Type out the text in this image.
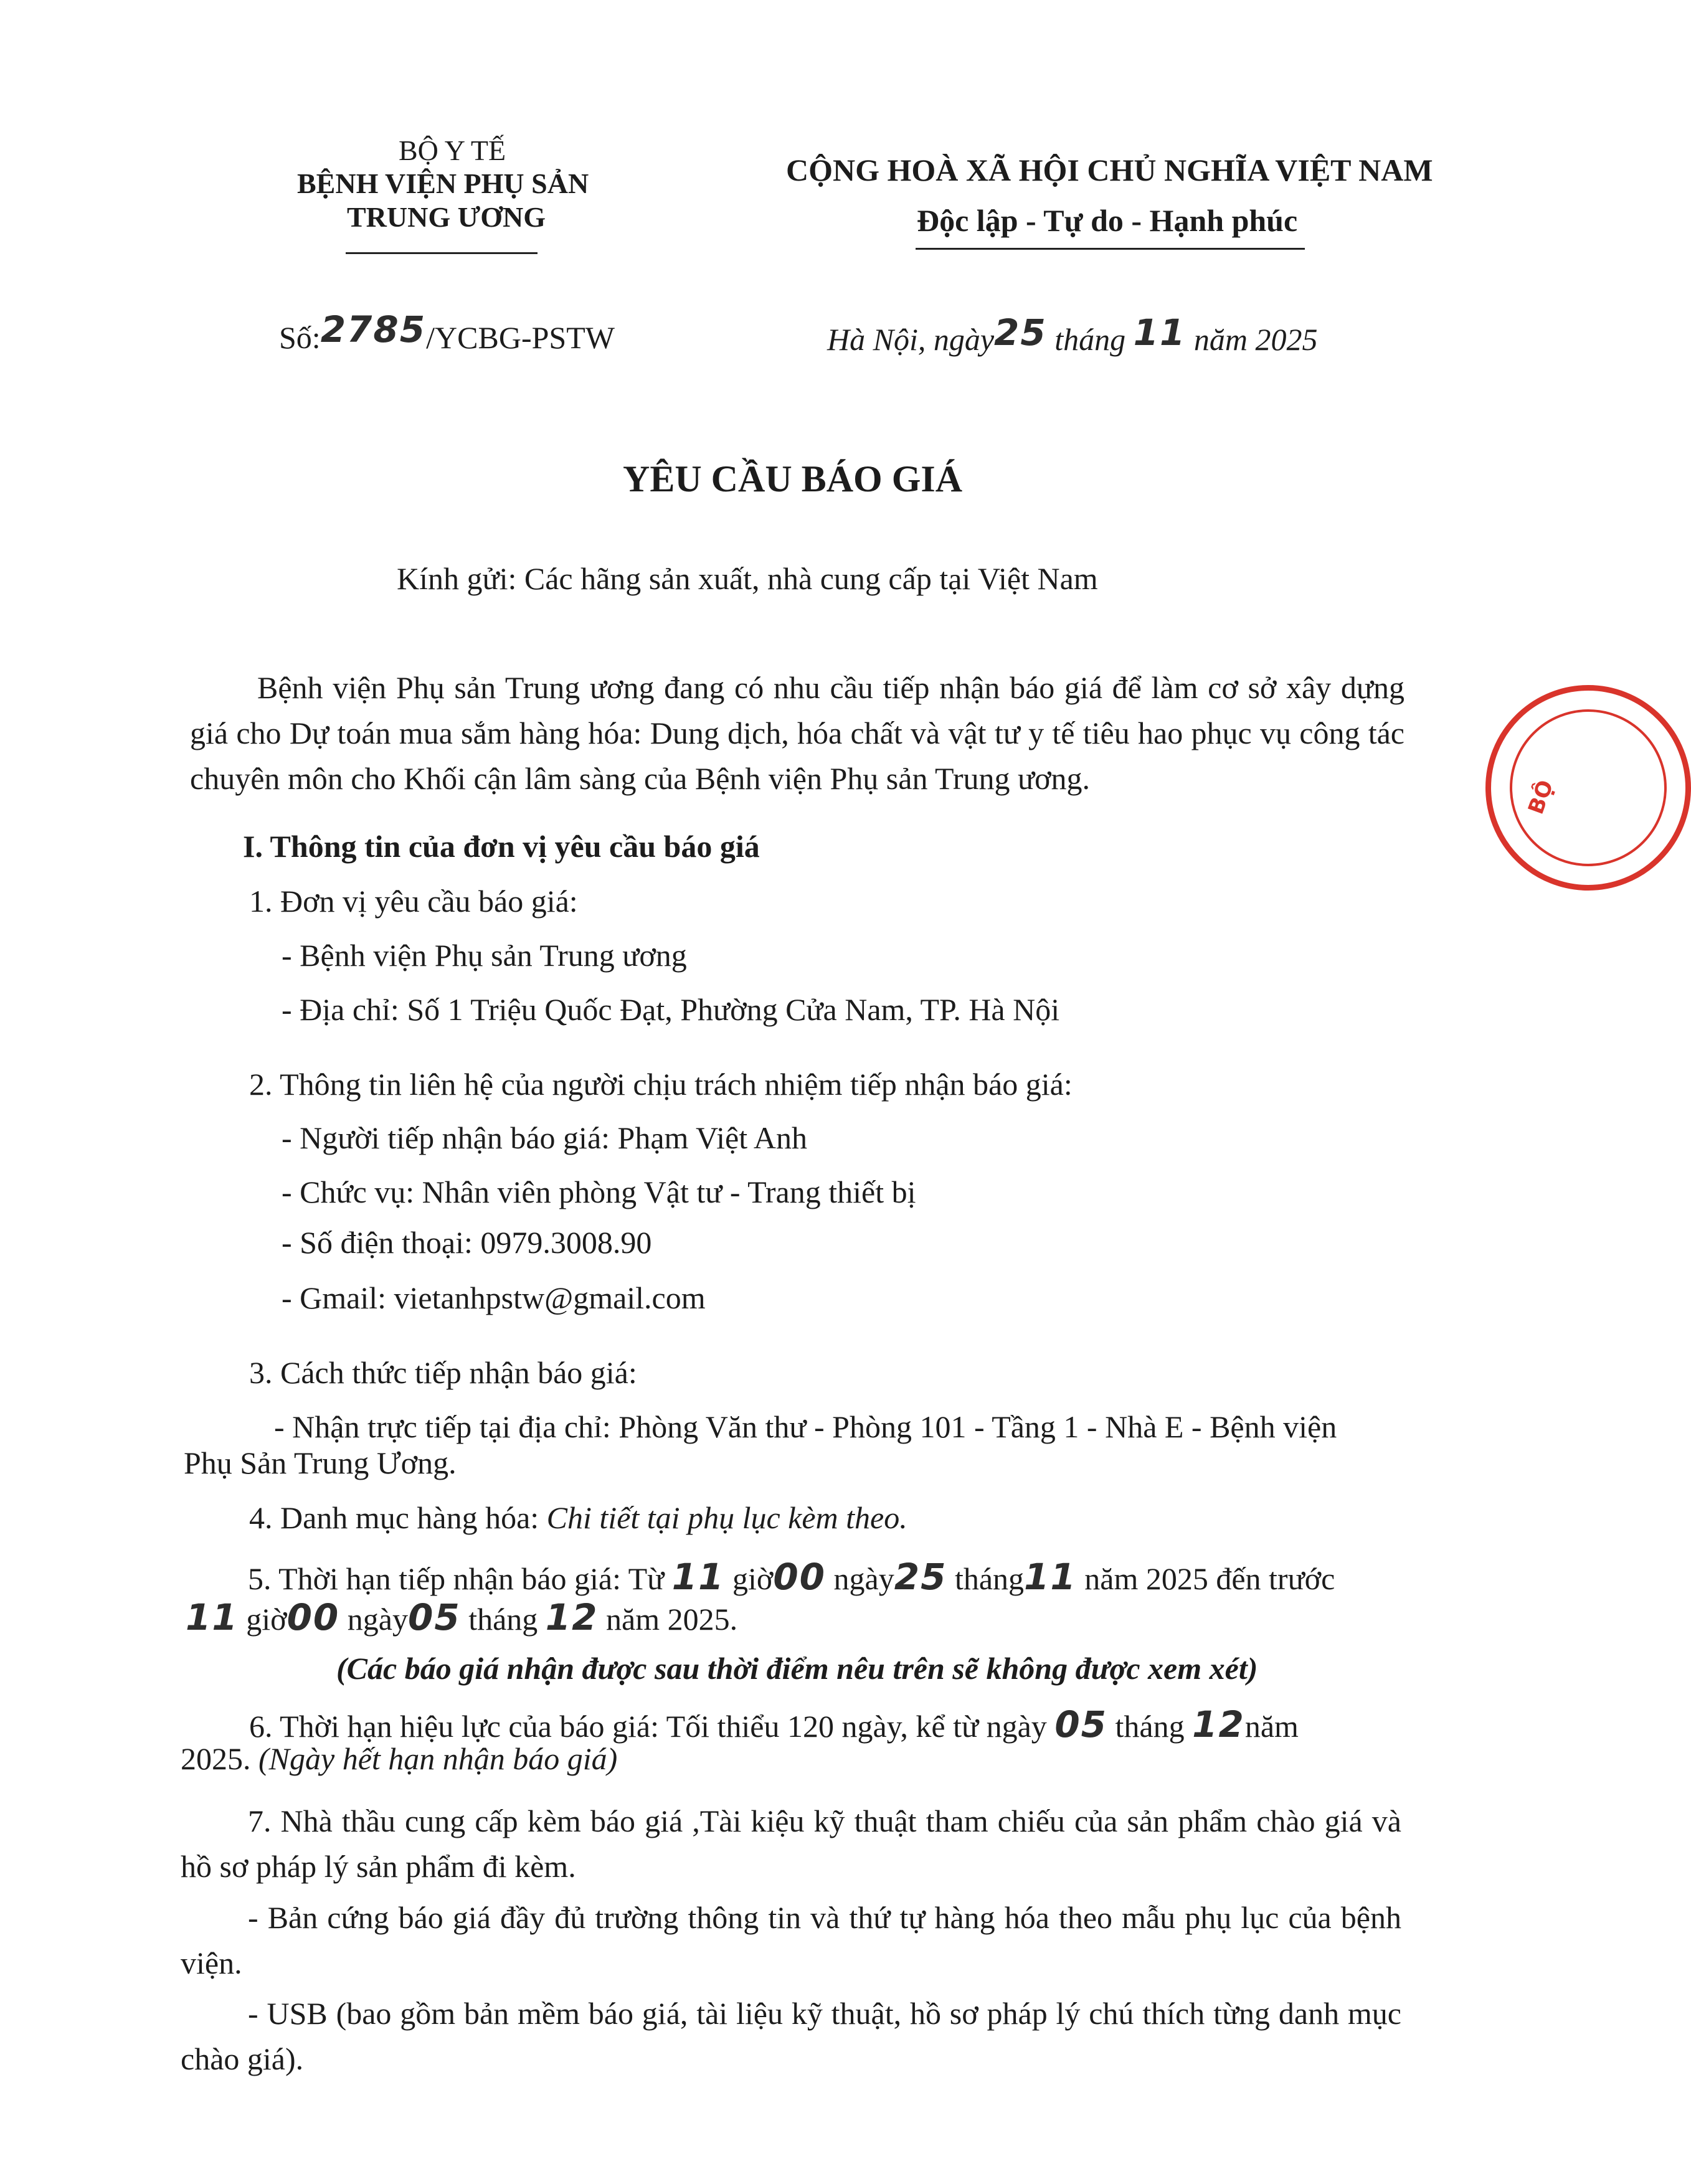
BỘ Y TẾ
BỆNH VIỆN PHỤ SẢN
TRUNG ƯƠNG
CỘNG HOÀ XÃ HỘI CHỦ NGHĨA VIỆT NAM
Độc lập - Tự do - Hạnh phúc
Số:2785/YCBG-PSTW	Hà Nội, ngày25 tháng 11 năm 2025
YÊU CẦU BÁO GIÁ
Kính gửi: Các hãng sản xuất, nhà cung cấp tại Việt Nam
Bệnh viện Phụ sản Trung ương đang có nhu cầu tiếp nhận báo giá để làm cơ sở xây dựng giá cho Dự toán mua sắm hàng hóa: Dung dịch, hóa chất và vật tư y tế tiêu hao phục vụ công tác chuyên môn cho Khối cận lâm sàng của Bệnh viện Phụ sản Trung ương.
I. Thông tin của đơn vị yêu cầu báo giá
1. Đơn vị yêu cầu báo giá:
- Bệnh viện Phụ sản Trung ương
- Địa chỉ: Số 1 Triệu Quốc Đạt, Phường Cửa Nam, TP. Hà Nội
2. Thông tin liên hệ của người chịu trách nhiệm tiếp nhận báo giá:
- Người tiếp nhận báo giá: Phạm Việt Anh
- Chức vụ: Nhân viên phòng Vật tư - Trang thiết bị
- Số điện thoại: 0979.3008.90
- Gmail: vietanhpstw@gmail.com
3. Cách thức tiếp nhận báo giá:
- Nhận trực tiếp tại địa chỉ: Phòng Văn thư - Phòng 101 - Tầng 1 - Nhà E - Bệnh viện
Phụ Sản Trung Ương.
4. Danh mục hàng hóa: Chi tiết tại phụ lục kèm theo.
5. Thời hạn tiếp nhận báo giá: Từ 11 giờ00 ngày25 tháng11 năm 2025 đến trước
11 giờ00 ngày05 tháng 12 năm 2025.
(Các báo giá nhận được sau thời điểm nêu trên sẽ không được xem xét)
6. Thời hạn hiệu lực của báo giá: Tối thiểu 120 ngày, kể từ ngày 05 tháng 12năm
2025. (Ngày hết hạn nhận báo giá)
7. Nhà thầu cung cấp kèm báo giá ,Tài kiệu kỹ thuật tham chiếu của sản phẩm chào giá và hồ sơ pháp lý sản phẩm đi kèm.
- Bản cứng báo giá đầy đủ trường thông tin và thứ tự hàng hóa theo mẫu phụ lục của bệnh viện.
- USB (bao gồm bản mềm báo giá, tài liệu kỹ thuật, hồ sơ pháp lý chú thích từng danh mục chào giá).
BỘ
